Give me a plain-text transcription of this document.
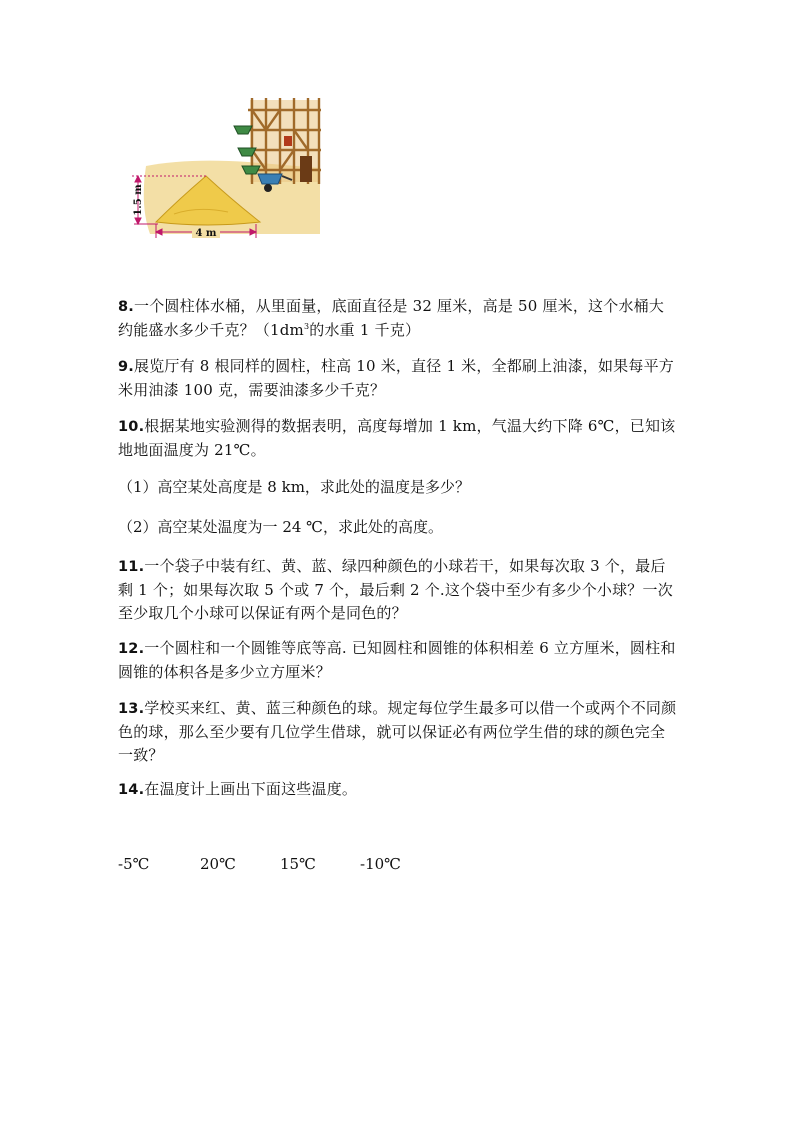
1.5 m
4 m
8.一个圆柱体水桶，从里面量，底面直径是 32 厘米，高是 50 厘米，这个水桶大约能盛水多少千克？（$1dm^3$的水重 1 千克）
9.展览厅有 8 根同样的圆柱，柱高 10 米，直径 1 米，全都刷上油漆，如果每平方米用油漆 100 克，需要油漆多少千克？
10.根据某地实验测得的数据表明，高度每增加 1 km，气温大约下降 6℃，已知该地地面温度为 21℃。
（1）高空某处高度是 8 km，求此处的温度是多少？
（2）高空某处温度为一 24 ℃，求此处的高度。
11.一个袋子中装有红、黄、蓝、绿四种颜色的小球若干，如果每次取 3 个，最后剩 1 个；如果每次取 5 个或 7 个，最后剩 2 个.这个袋中至少有多少个小球？一次至少取几个小球可以保证有两个是同色的？
12.一个圆柱和一个圆锥等底等高. 已知圆柱和圆锥的体积相差 6 立方厘米，圆柱和圆锥的体积各是多少立方厘米？
13.学校买来红、黄、蓝三种颜色的球。规定每位学生最多可以借一个或两个不同颜色的球，那么至少要有几位学生借球，就可以保证必有两位学生借的球的颜色完全一致？
14.在温度计上画出下面这些温度。
-5℃	20℃	15℃	-10℃
